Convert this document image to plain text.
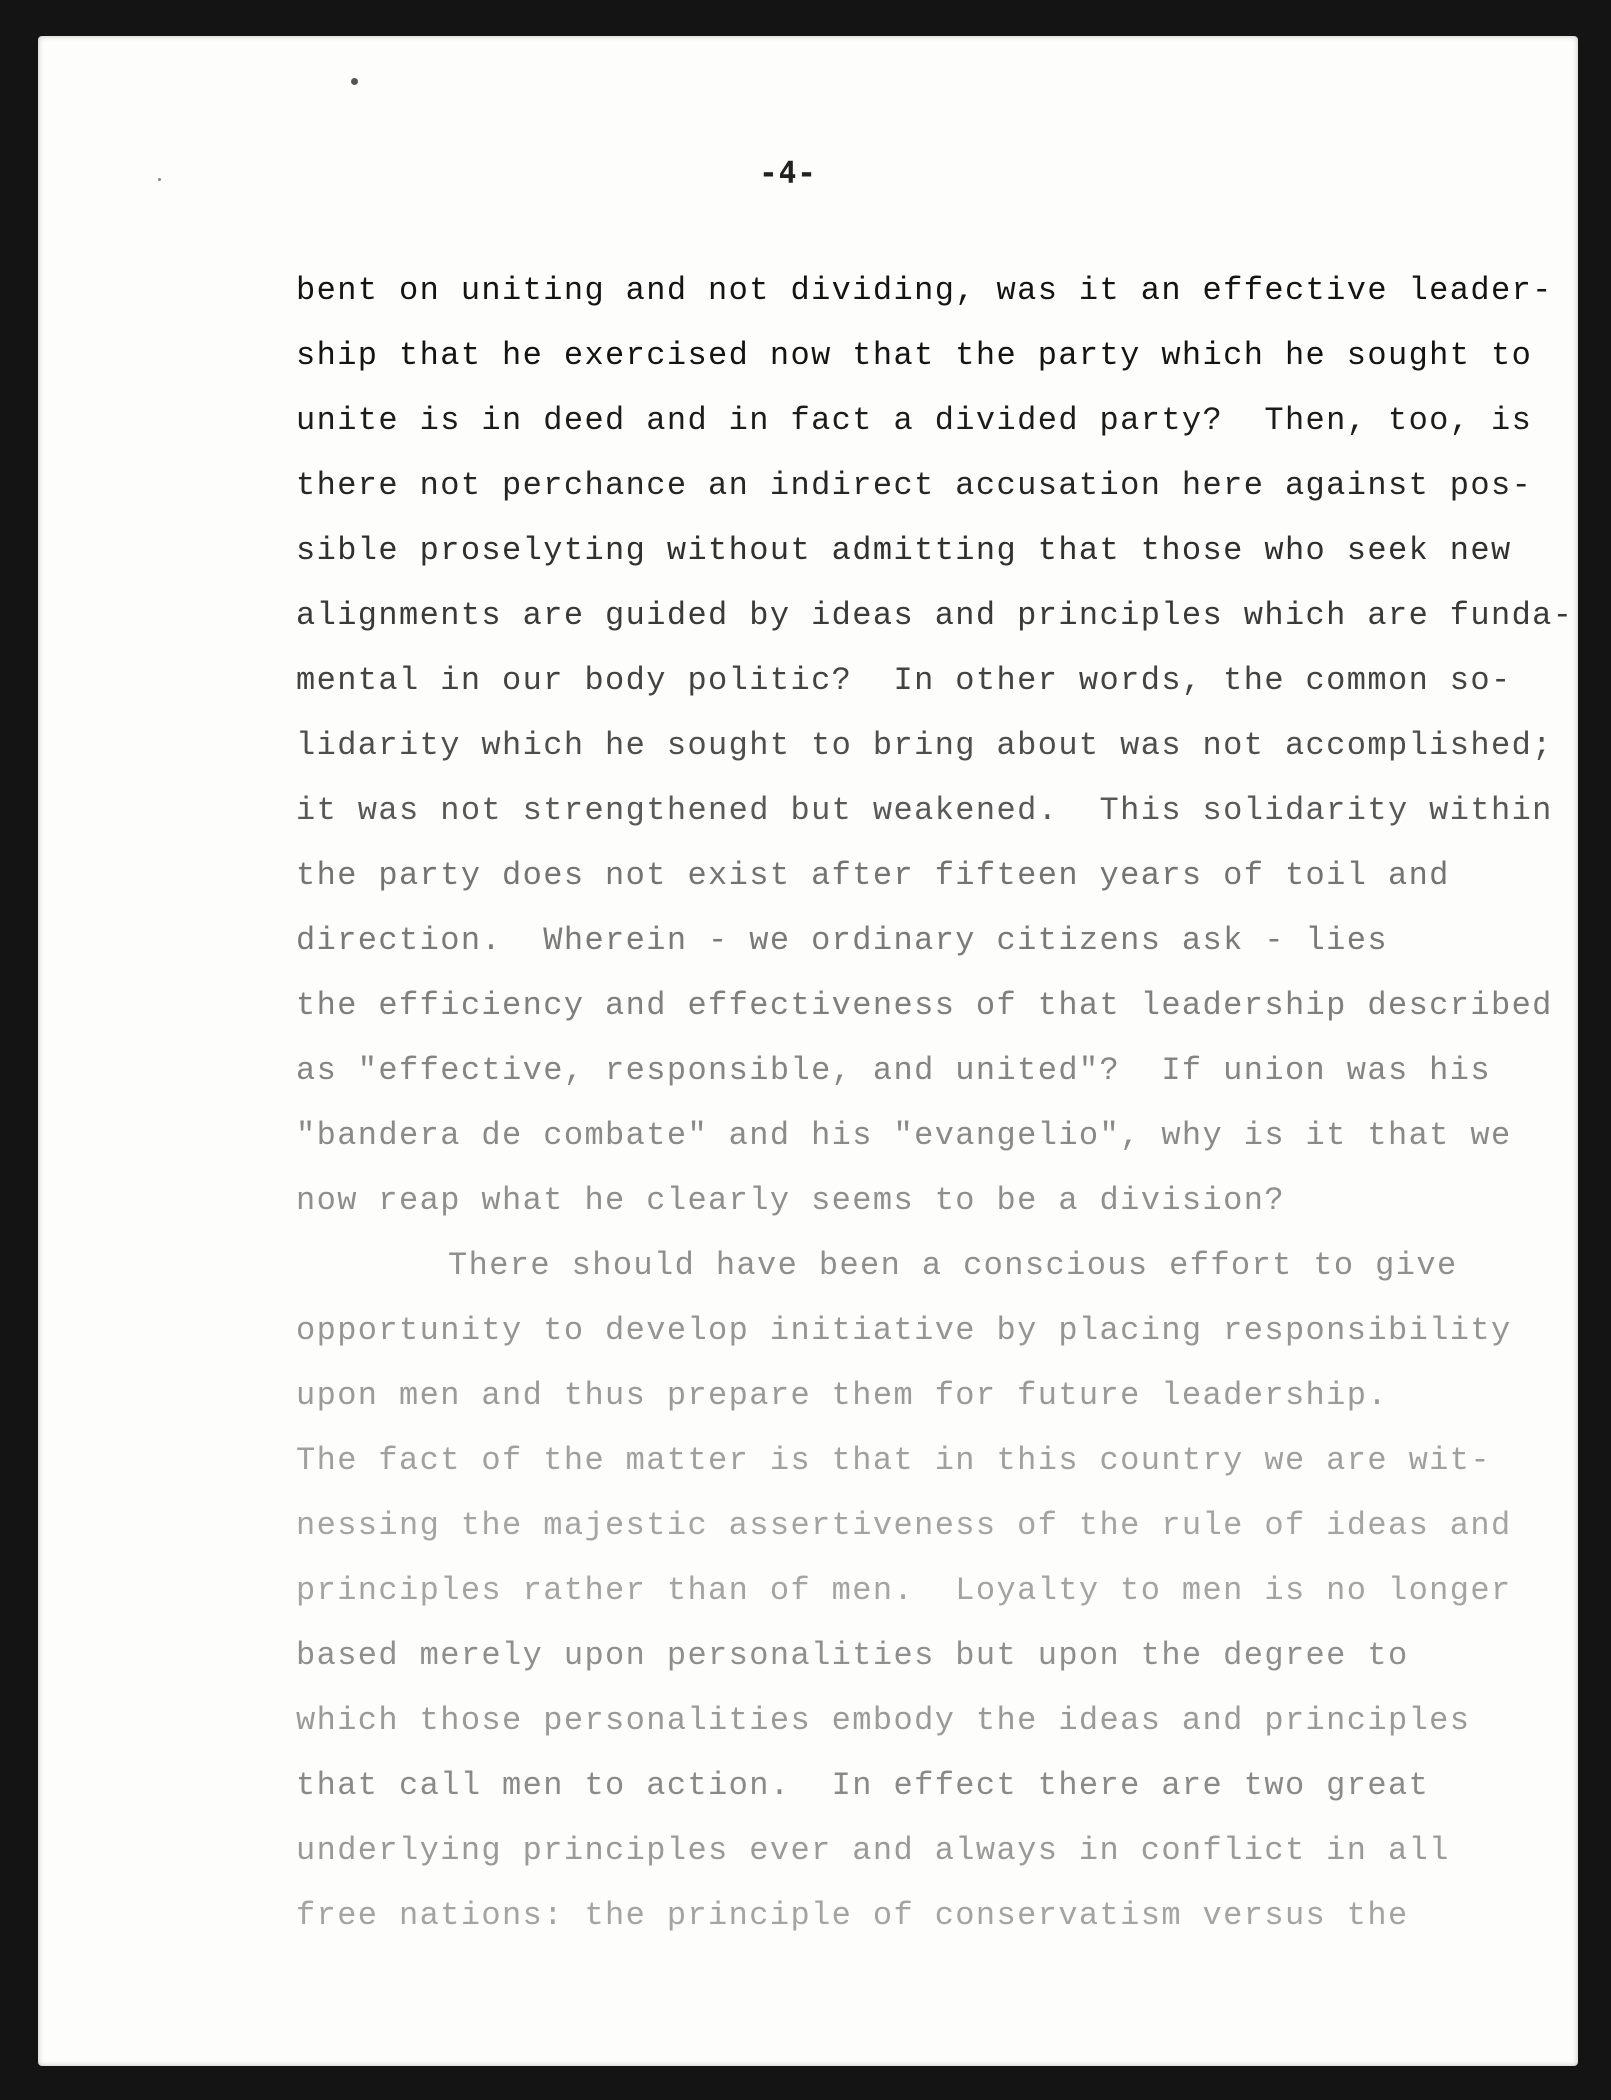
-4-
bent on uniting and not dividing, was it an effective leader-
ship that he exercised now that the party which he sought to
unite is in deed and in fact a divided party?  Then, too, is
there not perchance an indirect accusation here against pos-
sible proselyting without admitting that those who seek new
alignments are guided by ideas and principles which are funda-
mental in our body politic?  In other words, the common so-
lidarity which he sought to bring about was not accomplished;
it was not strengthened but weakened.  This solidarity within
the party does not exist after fifteen years of toil and
direction.  Wherein - we ordinary citizens ask - lies
the efficiency and effectiveness of that leadership described
as "effective, responsible, and united"?  If union was his
"bandera de combate" and his "evangelio", why is it that we
now reap what he clearly seems to be a division?
There should have been a conscious effort to give
opportunity to develop initiative by placing responsibility
upon men and thus prepare them for future leadership.
The fact of the matter is that in this country we are wit-
nessing the majestic assertiveness of the rule of ideas and
principles rather than of men.  Loyalty to men is no longer
based merely upon personalities but upon the degree to
which those personalities embody the ideas and principles
that call men to action.  In effect there are two great
underlying principles ever and always in conflict in all
free nations: the principle of conservatism versus the
